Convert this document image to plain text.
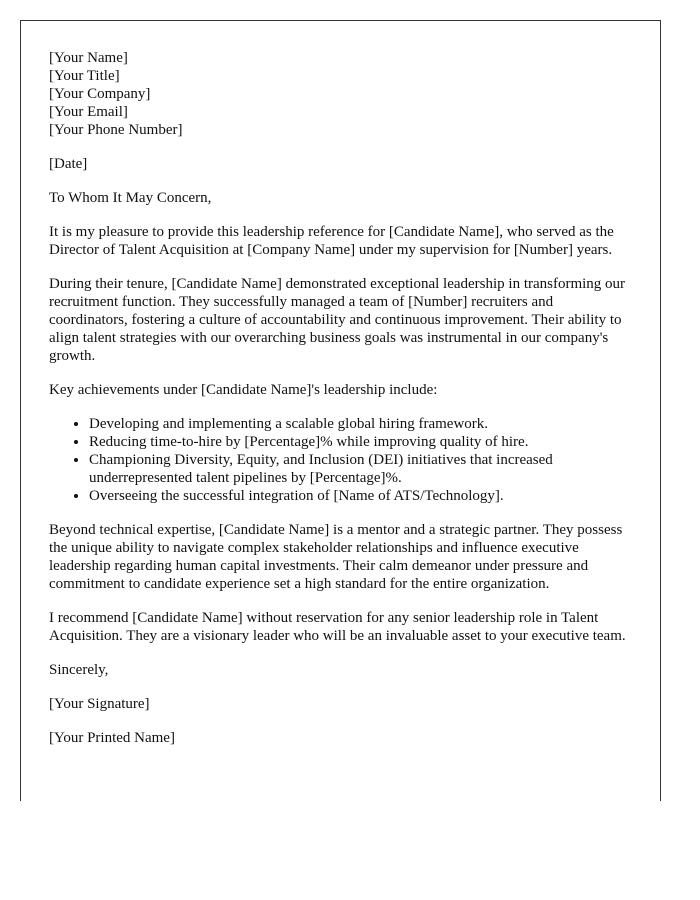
[Your Name]
[Your Title]
[Your Company]
[Your Email]
[Your Phone Number]

[Date]

To Whom It May Concern,

It is my pleasure to provide this leadership reference for [Candidate Name], who served as the Director of Talent Acquisition at [Company Name] under my supervision for [Number] years.

During their tenure, [Candidate Name] demonstrated exceptional leadership in transforming our recruitment function. They successfully managed a team of [Number] recruiters and coordinators, fostering a culture of accountability and continuous improvement. Their ability to align talent strategies with our overarching business goals was instrumental in our company's growth.

Key achievements under [Candidate Name]'s leadership include:

• Developing and implementing a scalable global hiring framework.
• Reducing time-to-hire by [Percentage]% while improving quality of hire.
• Championing Diversity, Equity, and Inclusion (DEI) initiatives that increased underrepresented talent pipelines by [Percentage]%.
• Overseeing the successful integration of [Name of ATS/Technology].

Beyond technical expertise, [Candidate Name] is a mentor and a strategic partner. They possess the unique ability to navigate complex stakeholder relationships and influence executive leadership regarding human capital investments. Their calm demeanor under pressure and commitment to candidate experience set a high standard for the entire organization.

I recommend [Candidate Name] without reservation for any senior leadership role in Talent Acquisition. They are a visionary leader who will be an invaluable asset to your executive team.

Sincerely,

[Your Signature]

[Your Printed Name]
